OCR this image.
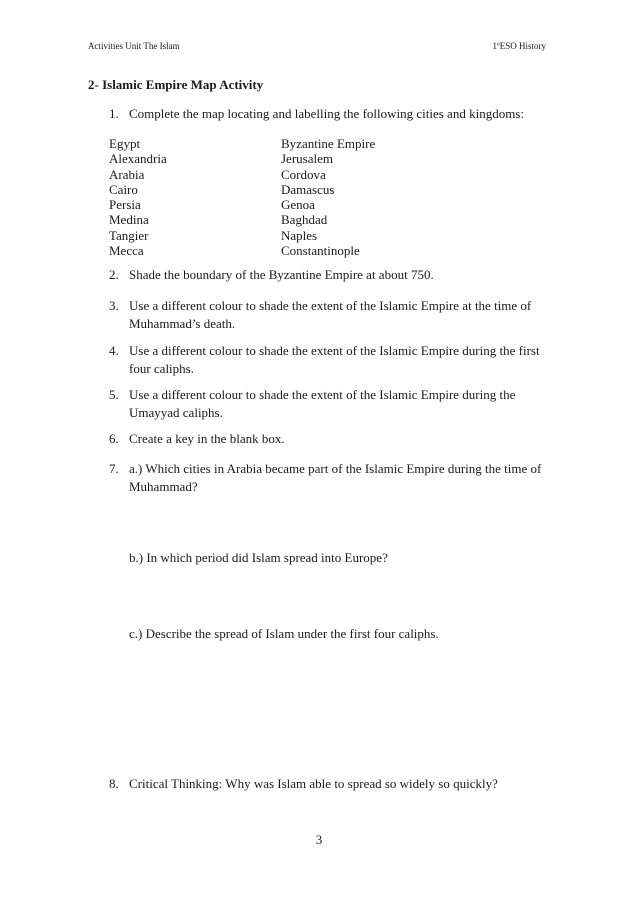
Activities Unit The Islam	1ºESO History
2- Islamic Empire Map Activity
1. Complete the map locating and labelling the following cities and kingdoms:
Egypt
Alexandria
Arabia
Cairo
Persia
Medina
Tangier
Mecca
Byzantine Empire
Jerusalem
Cordova
Damascus
Genoa
Baghdad
Naples
Constantinople
2. Shade the boundary of the Byzantine Empire at about 750.
3. Use a different colour to shade the extent of the Islamic Empire at the time of
Muhammad’s death.
4. Use a different colour to shade the extent of the Islamic Empire during the first
four caliphs.
5. Use a different colour to shade the extent of the Islamic Empire during the
Umayyad caliphs.
6. Create a key in the blank box.
7. a.) Which cities in Arabia became part of the Islamic Empire during the time of
Muhammad?
b.) In which period did Islam spread into Europe?
c.) Describe the spread of Islam under the first four caliphs.
8. Critical Thinking: Why was Islam able to spread so widely so quickly?
3
